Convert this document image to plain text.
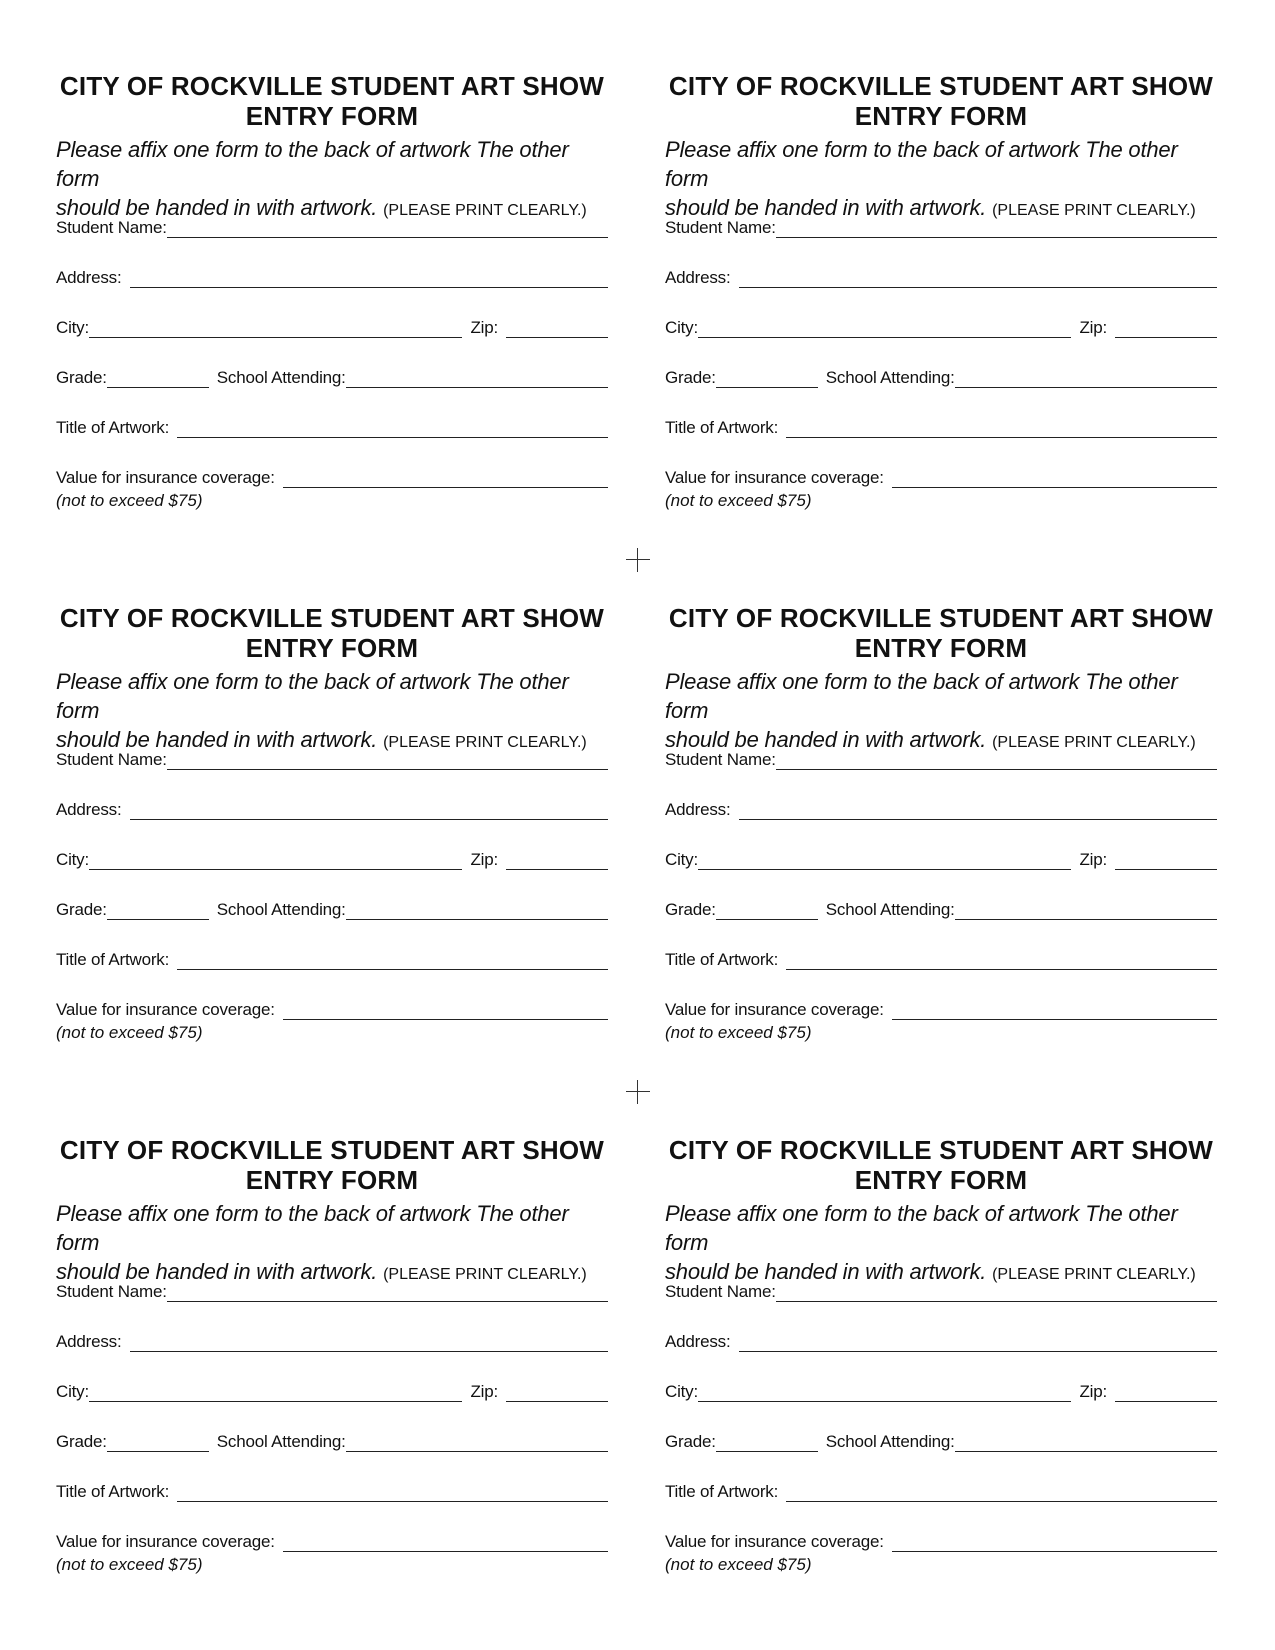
CITY OF ROCKVILLE STUDENT ART SHOW
ENTRY FORM
Please affix one form to the back of artwork The other form
should be handed in with artwork. (PLEASE PRINT CLEARLY.)
Student Name:
Address:
City:	Zip:
Grade:	School Attending:
Title of Artwork:
Value for insurance coverage:
(not to exceed $75)
CITY OF ROCKVILLE STUDENT ART SHOW
ENTRY FORM
Please affix one form to the back of artwork The other form
should be handed in with artwork. (PLEASE PRINT CLEARLY.)
Student Name:
Address:
City:	Zip:
Grade:	School Attending:
Title of Artwork:
Value for insurance coverage:
(not to exceed $75)
CITY OF ROCKVILLE STUDENT ART SHOW
ENTRY FORM
Please affix one form to the back of artwork The other form
should be handed in with artwork. (PLEASE PRINT CLEARLY.)
Student Name:
Address:
City:	Zip:
Grade:	School Attending:
Title of Artwork:
Value for insurance coverage:
(not to exceed $75)
CITY OF ROCKVILLE STUDENT ART SHOW
ENTRY FORM
Please affix one form to the back of artwork The other form
should be handed in with artwork. (PLEASE PRINT CLEARLY.)
Student Name:
Address:
City:	Zip:
Grade:	School Attending:
Title of Artwork:
Value for insurance coverage:
(not to exceed $75)
CITY OF ROCKVILLE STUDENT ART SHOW
ENTRY FORM
Please affix one form to the back of artwork The other form
should be handed in with artwork. (PLEASE PRINT CLEARLY.)
Student Name:
Address:
City:	Zip:
Grade:	School Attending:
Title of Artwork:
Value for insurance coverage:
(not to exceed $75)
CITY OF ROCKVILLE STUDENT ART SHOW
ENTRY FORM
Please affix one form to the back of artwork The other form
should be handed in with artwork. (PLEASE PRINT CLEARLY.)
Student Name:
Address:
City:	Zip:
Grade:	School Attending:
Title of Artwork:
Value for insurance coverage:
(not to exceed $75)
